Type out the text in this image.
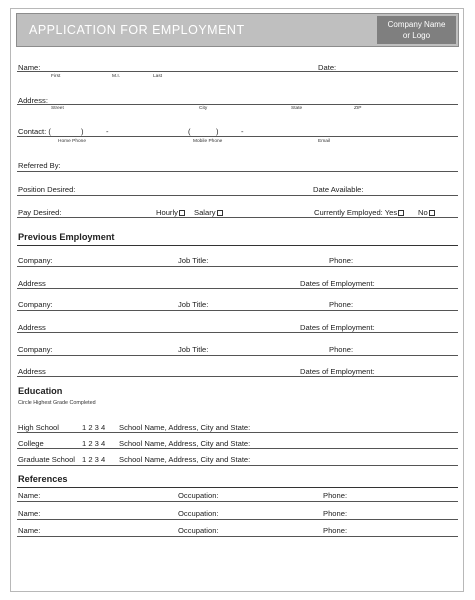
APPLICATION FOR EMPLOYMENT	Company Name
or Logo
Name:	Date:
First	M.I.	Last
Address:
Street	City	State	ZIP
Contact: (	)	-	(	)	-
Home Phone	Mobile Phone	Email
Referred By:
Position Desired:	Date Available:
Pay Desired:	Hourly	Salary	Currently Employed: Yes	No
Previous Employment
Company:	Job Title:	Phone:
Address	Dates of Employment:
Company:	Job Title:	Phone:
Address	Dates of Employment:
Company:	Job Title:	Phone:
Address	Dates of Employment:
Education
Circle Highest Grade Completed
High School	1 2 3 4 School Name, Address, City and State:
College	1 2 3 4 School Name, Address, City and State:
Graduate School 1 2 3 4 School Name, Address, City and State:
References
Name:	Occupation:	Phone:
Name:	Occupation:	Phone:
Name:	Occupation:	Phone:
